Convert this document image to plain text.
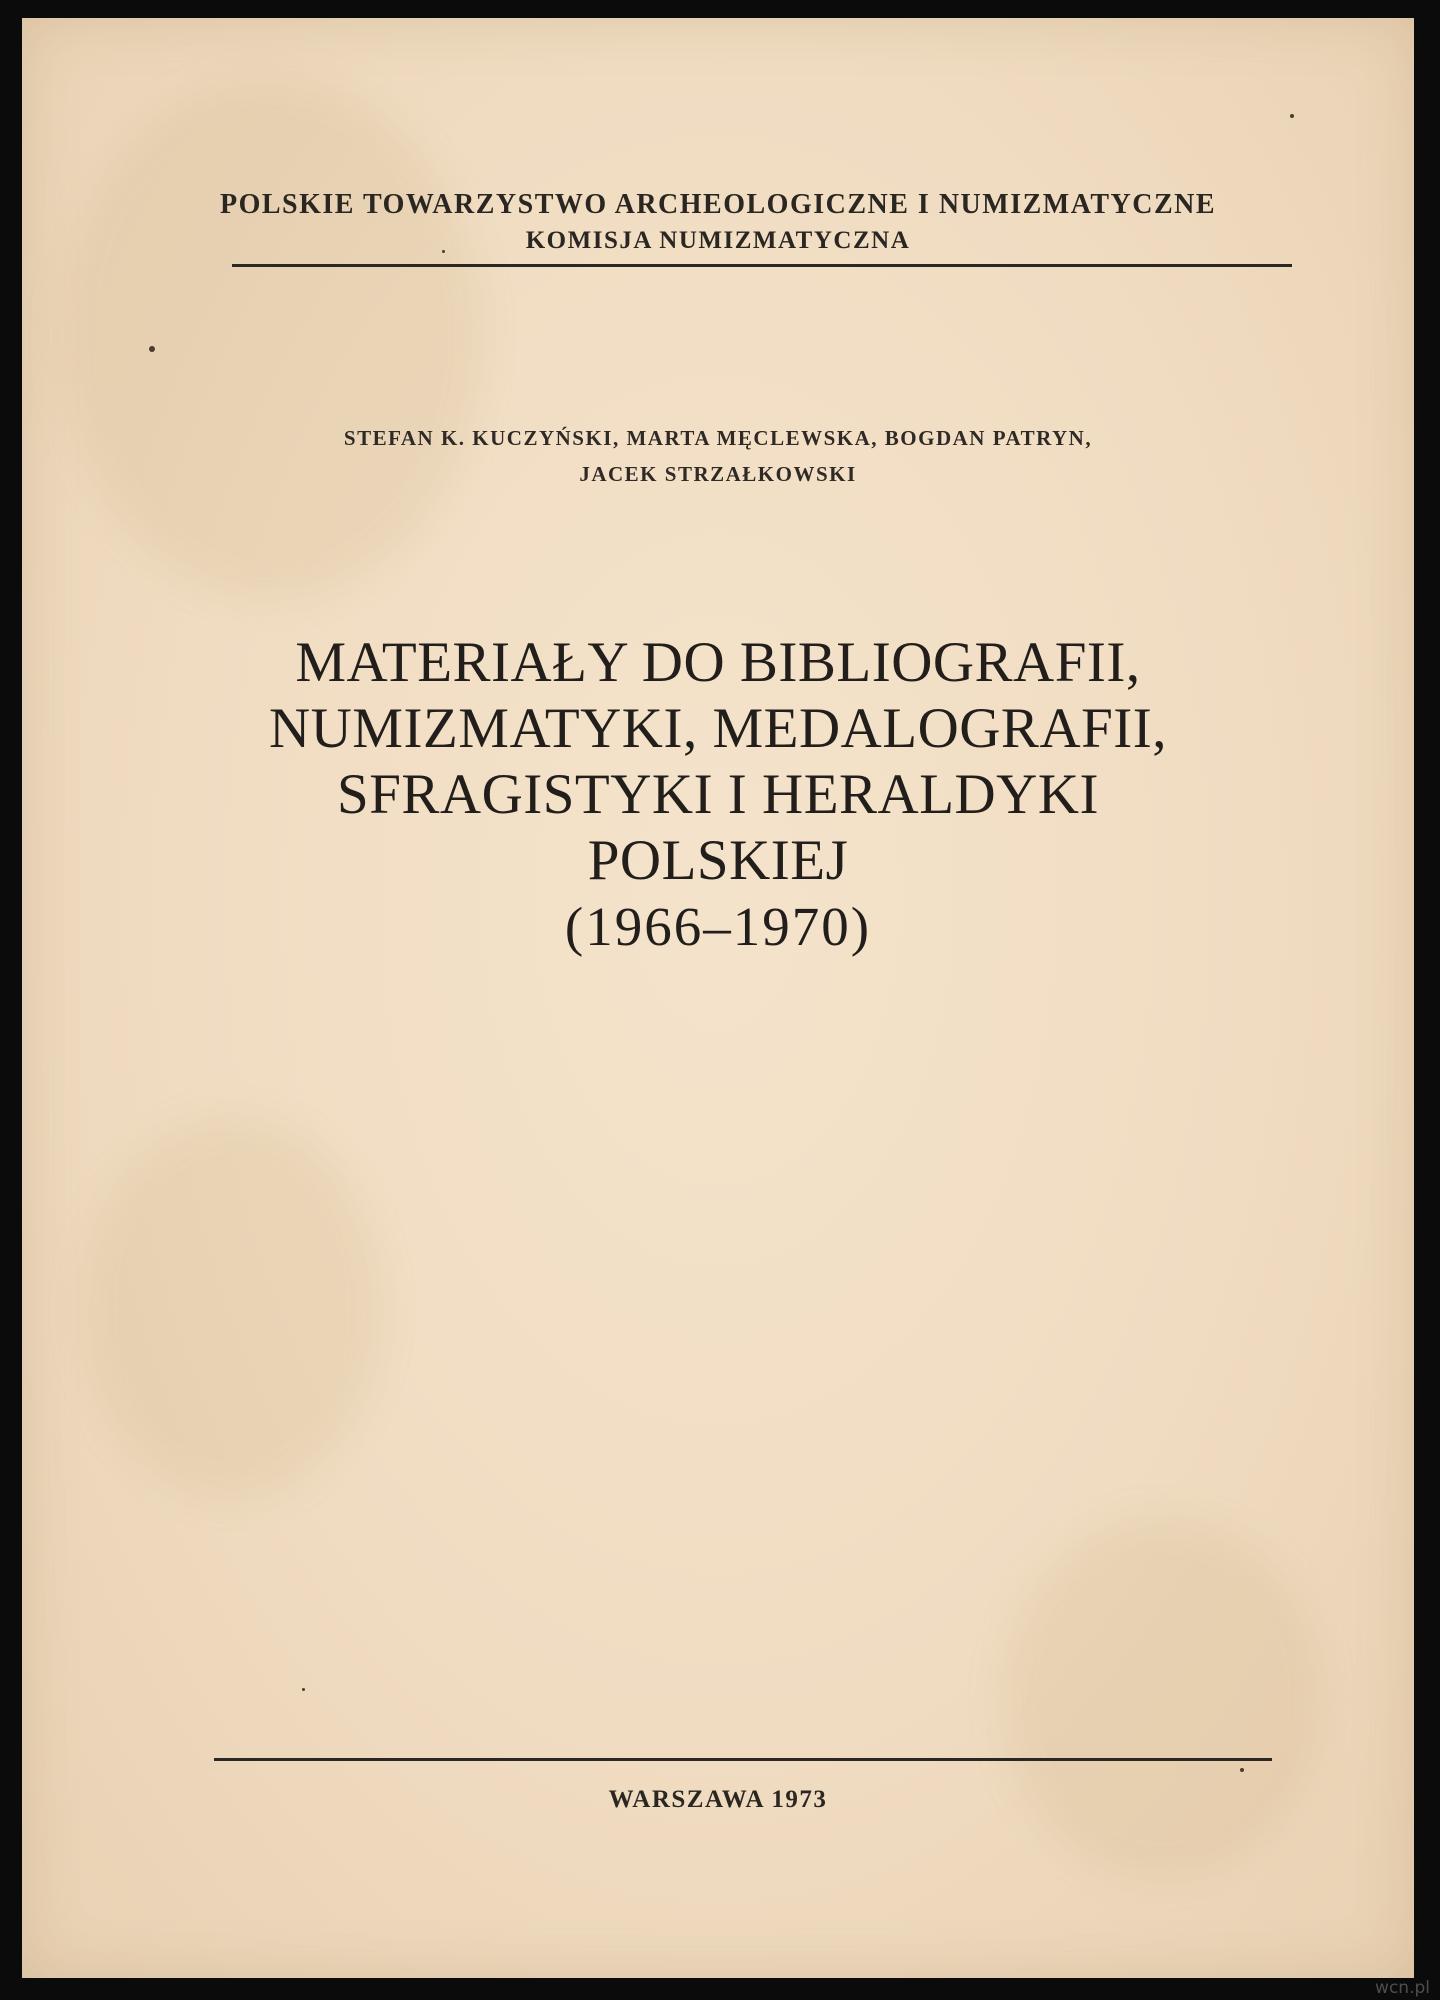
POLSKIE TOWARZYSTWO ARCHEOLOGICZNE I NUMIZMATYCZNE
KOMISJA NUMIZMATYCZNA
STEFAN K. KUCZYŃSKI, MARTA MĘCLEWSKA, BOGDAN PATRYN,
JACEK STRZAŁKOWSKI
MATERIAŁY DO BIBLIOGRAFII,
NUMIZMATYKI, MEDALOGRAFII,
SFRAGISTYKI I HERALDYKI
POLSKIEJ
(1966–1970)
WARSZAWA 1973
wcn.pl
